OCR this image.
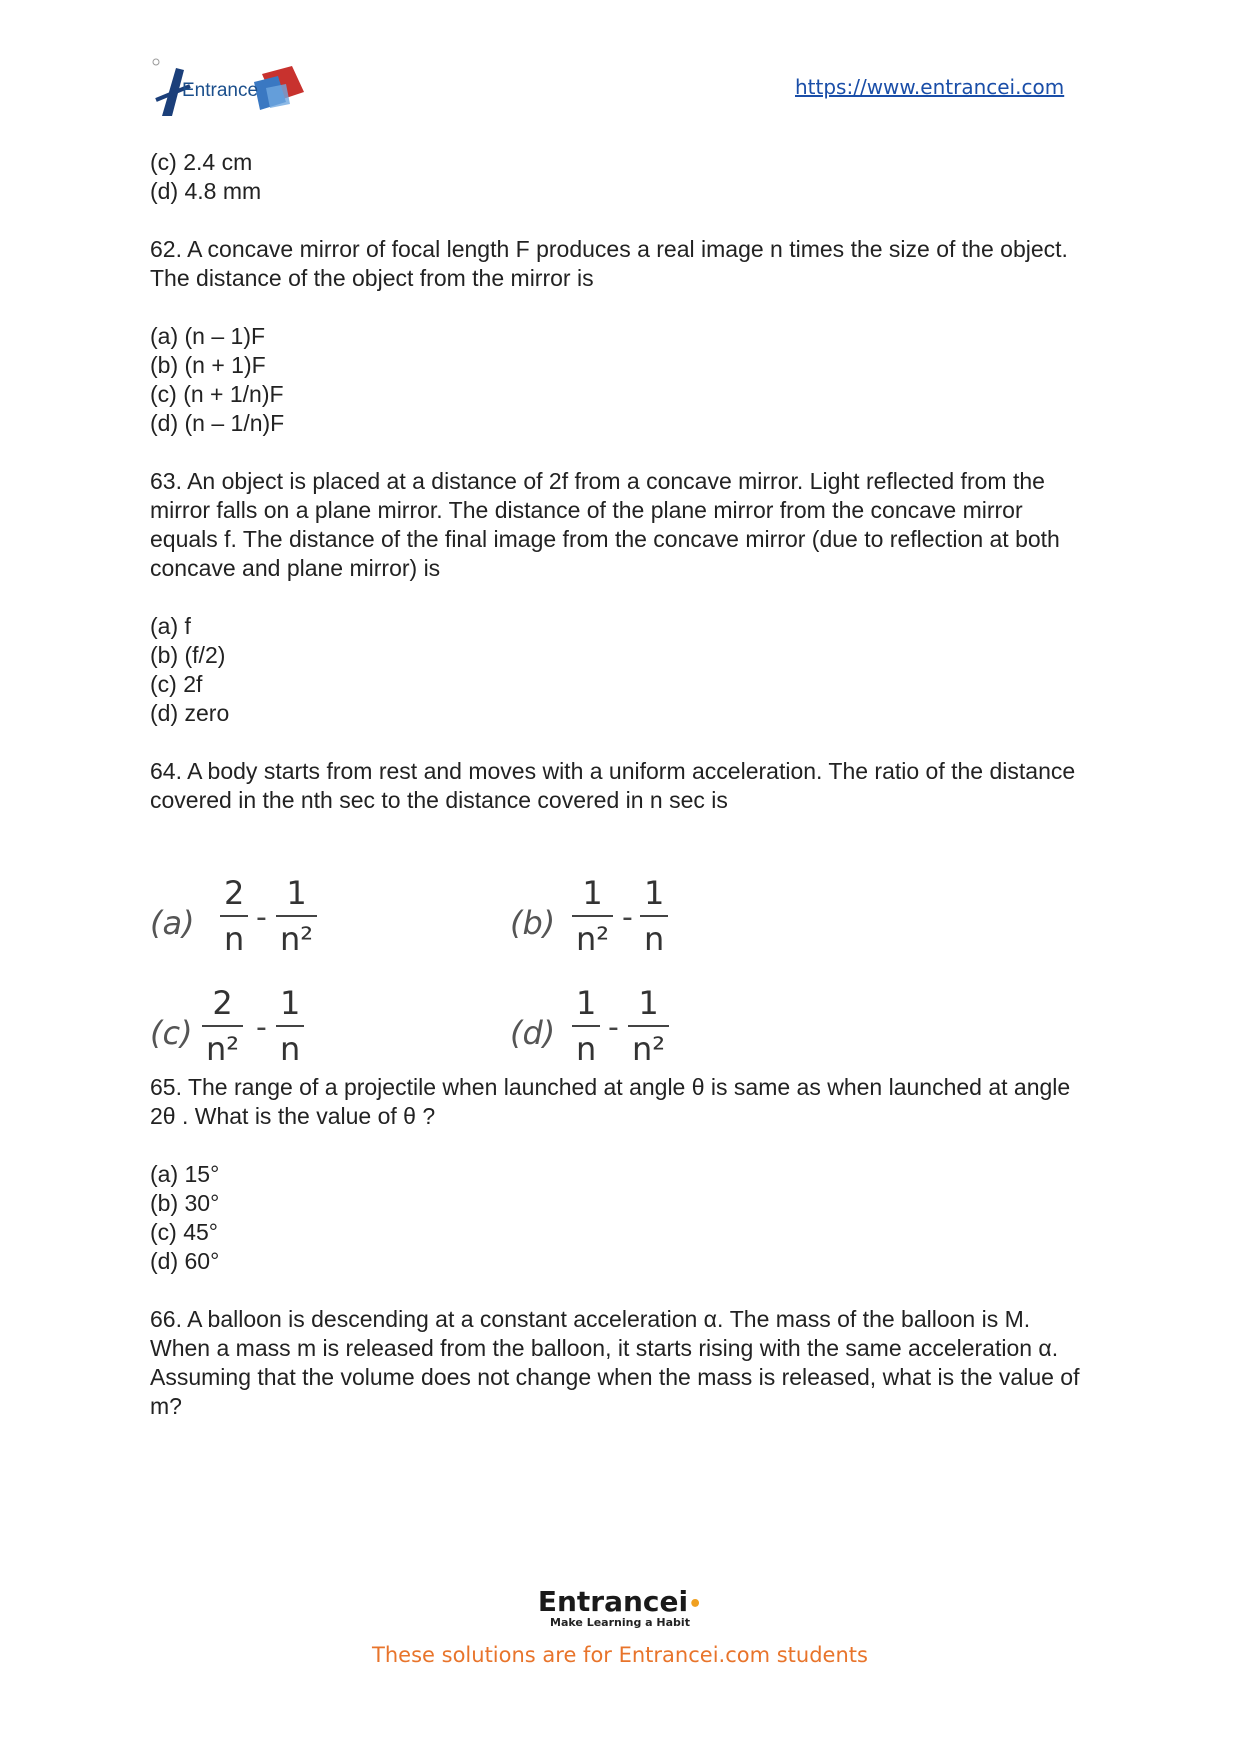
Entrance	https://www.entrancei.com

(c) 2.4 cm

(d) 4.8 mm

62. A concave mirror of focal length F produces a real image n times the size of the object. The distance of the object from the mirror is

(a) (n – 1)F

(b) (n + 1)F

(c) (n + 1/n)F

(d) (n – 1/n)F

63. An object is placed at a distance of 2f from a concave mirror. Light reflected from the mirror falls on a plane mirror. The distance of the plane mirror from the concave mirror equals f. The distance of the final image from the concave mirror (due to reflection at both concave and plane mirror) is

(a) f

(b) (f/2)

(c) 2f

(d) zero

64. A body starts from rest and moves with a uniform acceleration. The ratio of the distance covered in the nth sec to the distance covered in n sec is

(a)
2
n
-
1
n²	(b)
1
n²
-
1
n
(c)
2
n²
-
1
n	(d)
1
n
-
1
n²

65. The range of a projectile when launched at angle θ is same as when launched at angle 2θ . What is the value of θ ?

(a) 15°

(b) 30°

(c) 45°

(d) 60°

66. A balloon is descending at a constant acceleration α. The mass of the balloon is M. When a mass m is released from the balloon, it starts rising with the same acceleration α. Assuming that the volume does not change when the mass is released, what is the value of m?

Entrancei•
Make Learning a Habit
These solutions are for Entrancei.com students
